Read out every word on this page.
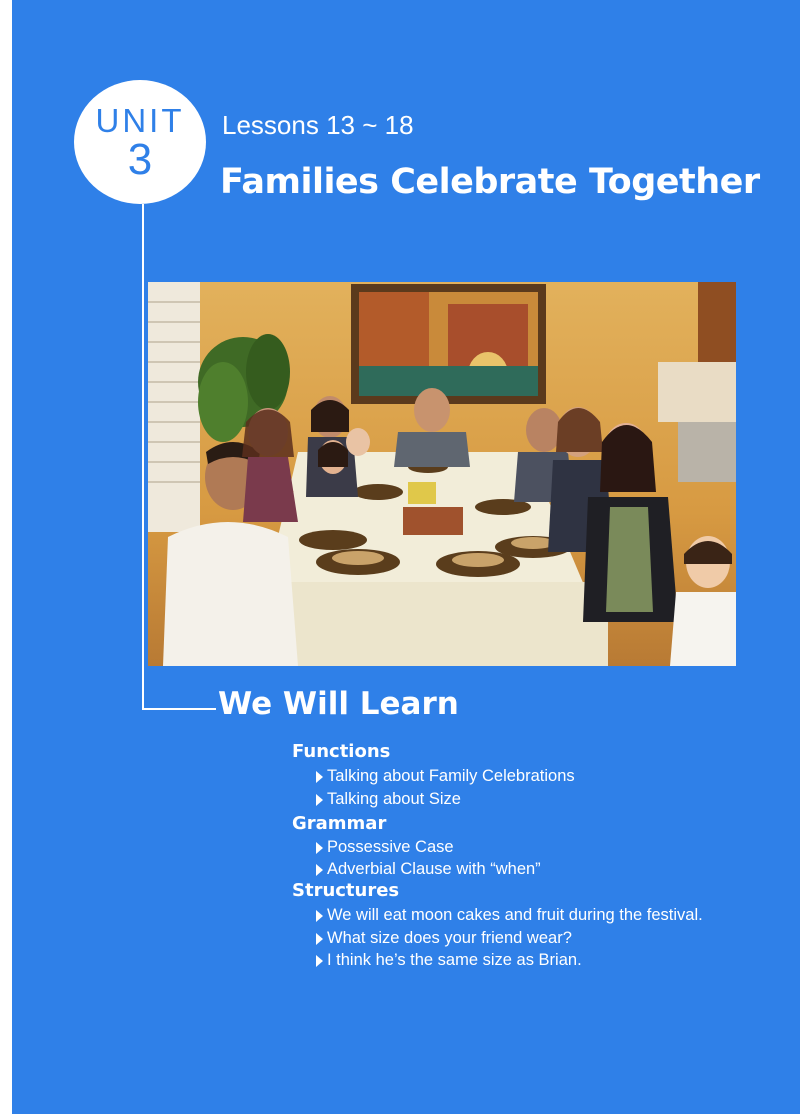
UNIT
3
Lessons 13 ~ 18
Families Celebrate Together
We Will Learn
Functions
Talking about Family Celebrations
Talking about Size
Grammar
Possessive Case
Adverbial Clause with “when”
Structures
We will eat moon cakes and fruit during the festival.
What size does your friend wear?
I think he’s the same size as Brian.
